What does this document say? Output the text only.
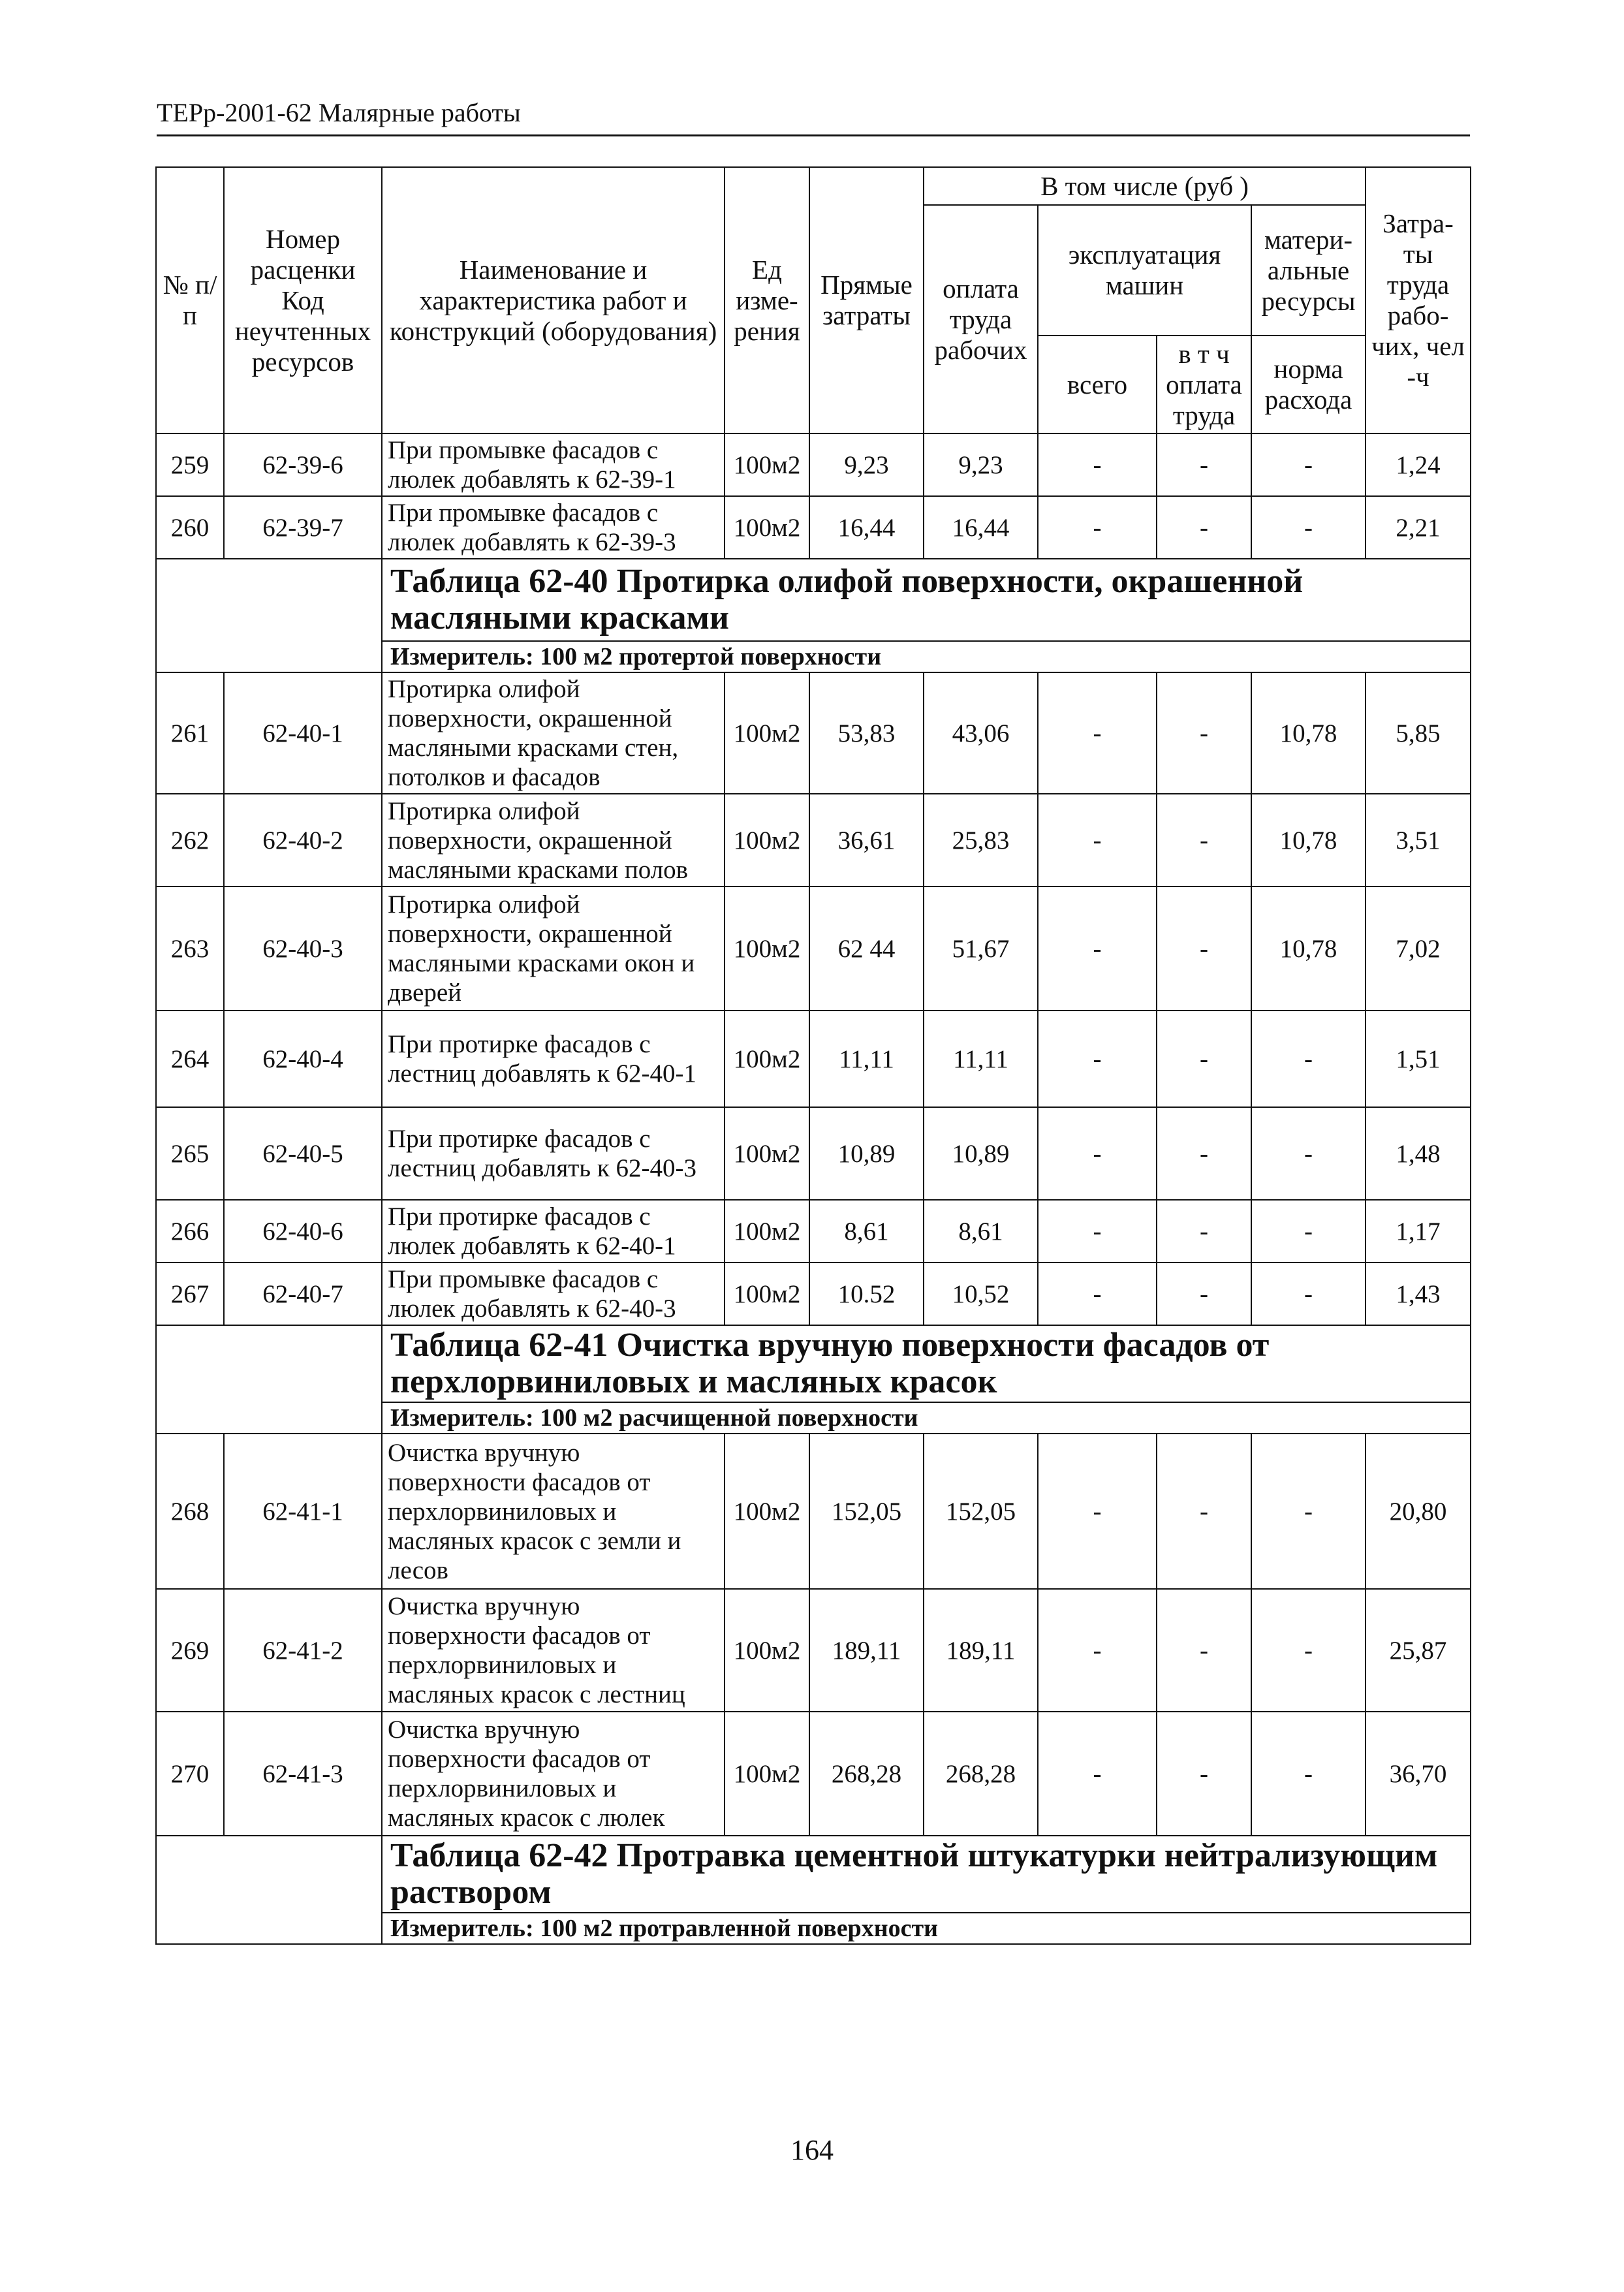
ТЕРр-2001-62 Малярные работы
№ п/п	Номер расценки Код неучтенных ресурсов	Наименование и характеристика работ и конструкций (оборудования)	Ед изме-рения	Прямые затраты	В том числе (руб )				Затра-ты труда рабо-чих, чел -ч
					оплата труда рабочих	эксплуатация машин		матери-альные ресурсы	
						всего	в т ч оплата труда	норма расхода	
259	62-39-6	При промывке фасадов с люлек добавлять к 62-39-1	100м2	9,23	9,23	-	-	-	1,24
260	62-39-7	При промывке фасадов с люлек добавлять к 62-39-3	100м2	16,44	16,44	-	-	-	2,21
		Таблица 62-40 Протирка олифой поверхности, окрашенной масляными красками							
		Измеритель: 100 м2 протертой поверхности							
261	62-40-1	Протирка олифой поверхности, окрашенной масляными красками стен, потолков и фасадов	100м2	53,83	43,06	-	-	10,78	5,85
262	62-40-2	Протирка олифой поверхности, окрашенной масляными красками полов	100м2	36,61	25,83	-	-	10,78	3,51
263	62-40-3	Протирка олифой поверхности, окрашенной масляными красками окон и дверей	100м2	62 44	51,67	-	-	10,78	7,02
264	62-40-4	При протирке фасадов с лестниц добавлять к 62-40-1	100м2	11,11	11,11	-	-	-	1,51
265	62-40-5	При протирке фасадов с лестниц добавлять к 62-40-3	100м2	10,89	10,89	-	-	-	1,48
266	62-40-6	При протирке фасадов с люлек добавлять к 62-40-1	100м2	8,61	8,61	-	-	-	1,17
267	62-40-7	При промывке фасадов с люлек добавлять к 62-40-3	100м2	10.52	10,52	-	-	-	1,43
		Таблица 62-41 Очистка вручную поверхности фасадов от перхлорвиниловых и масляных красок							
		Измеритель: 100 м2 расчищенной поверхности							
268	62-41-1	Очистка вручную поверхности фасадов от перхлорвиниловых и масляных красок с земли и лесов	100м2	152,05	152,05	-	-	-	20,80
269	62-41-2	Очистка вручную поверхности фасадов от перхлорвиниловых и масляных красок с лестниц	100м2	189,11	189,11	-	-	-	25,87
270	62-41-3	Очистка вручную поверхности фасадов от перхлорвиниловых и масляных красок с люлек	100м2	268,28	268,28	-	-	-	36,70
		Таблица 62-42 Протравка цементной штукатурки нейтрализующим раствором							
		Измеритель: 100 м2 протравленной поверхности							
164
